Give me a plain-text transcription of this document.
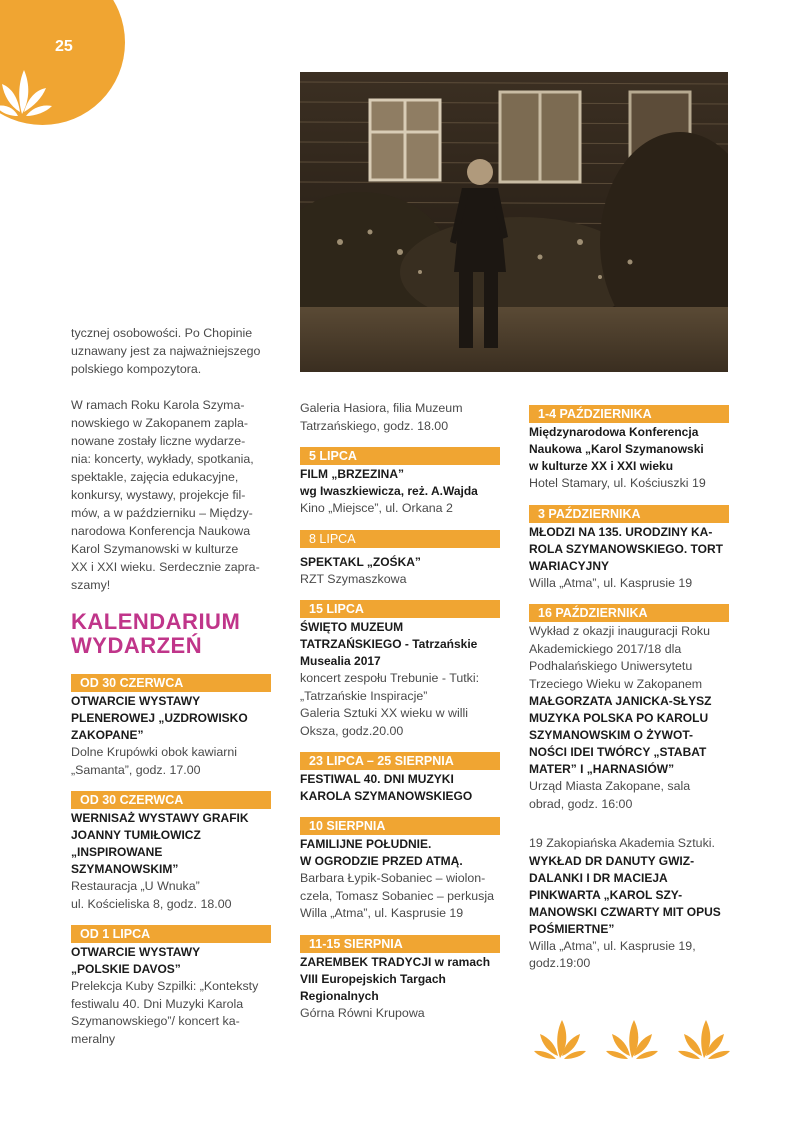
25

tycznej osobowości. Po Chopinie

uznawany jest za najważniejszego

polskiego kompozytora.

W ramach Roku Karola Szyma-

nowskiego w Zakopanem zapla-

nowane zostały liczne wydarze-

nia: koncerty, wykłady, spotkania,

spektakle, zajęcia edukacyjne,

konkursy, wystawy, projekcje fil-

mów, a w październiku – Między-

narodowa Konferencja Naukowa

Karol Szymanowski w kulturze

XX i XXI wieku. Serdecznie zapra-

szamy!

KALENDARIUM
WYDARZEŃ
OD 30 CZERWCA

OTWARCIE WYSTAWY

PLENEROWEJ „UZDROWISKO

ZAKOPANE”

Dolne Krupówki obok kawiarni

„Samanta”, godz. 17.00

OD 30 CZERWCA

WERNISAŻ WYSTAWY GRAFIK

JOANNY TUMIŁOWICZ

„INSPIROWANE

SZYMANOWSKIM”

Restauracja „U Wnuka”

ul. Kościeliska 8, godz. 18.00

OD 1 LIPCA

OTWARCIE WYSTAWY

„POLSKIE DAVOS”

Prelekcja Kuby Szpilki: „Konteksty

festiwalu 40. Dni Muzyki Karola

Szymanowskiego”/ koncert ka-

meralny

Galeria Hasiora, filia Muzeum

Tatrzańskiego, godz. 18.00

5 LIPCA

FILM „BRZEZINA”

wg Iwaszkiewicza, reż. A.Wajda

Kino „Miejsce”, ul. Orkana 2

8 LIPCA

SPEKTAKL „ZOŚKA”

RZT Szymaszkowa

15 LIPCA

ŚWIĘTO MUZEUM

TATRZAŃSKIEGO - Tatrzańskie

Musealia 2017

koncert zespołu Trebunie - Tutki:

„Tatrzańskie Inspiracje”

Galeria Sztuki XX wieku w willi

Oksza, godz.20.00

23 LIPCA – 25 SIERPNIA

FESTIWAL 40. DNI MUZYKI

KAROLA SZYMANOWSKIEGO

10 SIERPNIA

FAMILIJNE POŁUDNIE.

W OGRODZIE PRZED ATMĄ.

Barbara Łypik-Sobaniec – wiolon-

czela, Tomasz Sobaniec – perkusja

Willa „Atma”, ul. Kasprusie 19

11-15 SIERPNIA

ZAREMBEK TRADYCJI w ramach

VIII Europejskich Targach

Regionalnych

Górna Równi Krupowa

1-4 PAŹDZIERNIKA

Międzynarodowa Konferencja

Naukowa „Karol Szymanowski

w kulturze XX i XXI wieku

Hotel Stamary, ul. Kościuszki 19

3 PAŹDZIERNIKA

MŁODZI NA 135. URODZINY KA-

ROLA SZYMANOWSKIEGO. TORT

WARIACYJNY

Willa „Atma”, ul. Kasprusie 19

16 PAŹDZIERNIKA

Wykład z okazji inauguracji Roku

Akademickiego 2017/18 dla

Podhalańskiego Uniwersytetu

Trzeciego Wieku w Zakopanem

MAŁGORZATA JANICKA-SŁYSZ

MUZYKA POLSKA PO KAROLU

SZYMANOWSKIM O ŻYWOT-

NOŚCI IDEI TWÓRCY „STABAT

MATER” I „HARNASIÓW”

Urząd Miasta Zakopane, sala

obrad, godz. 16:00

19 Zakopiańska Akademia Sztuki.

WYKŁAD DR DANUTY GWIZ-

DALANKI I DR MACIEJA

PINKWARTA „KAROL SZY-

MANOWSKI CZWARTY MIT OPUS

POŚMIERTNE”

Willa „Atma”, ul. Kasprusie 19,

godz.19:00
